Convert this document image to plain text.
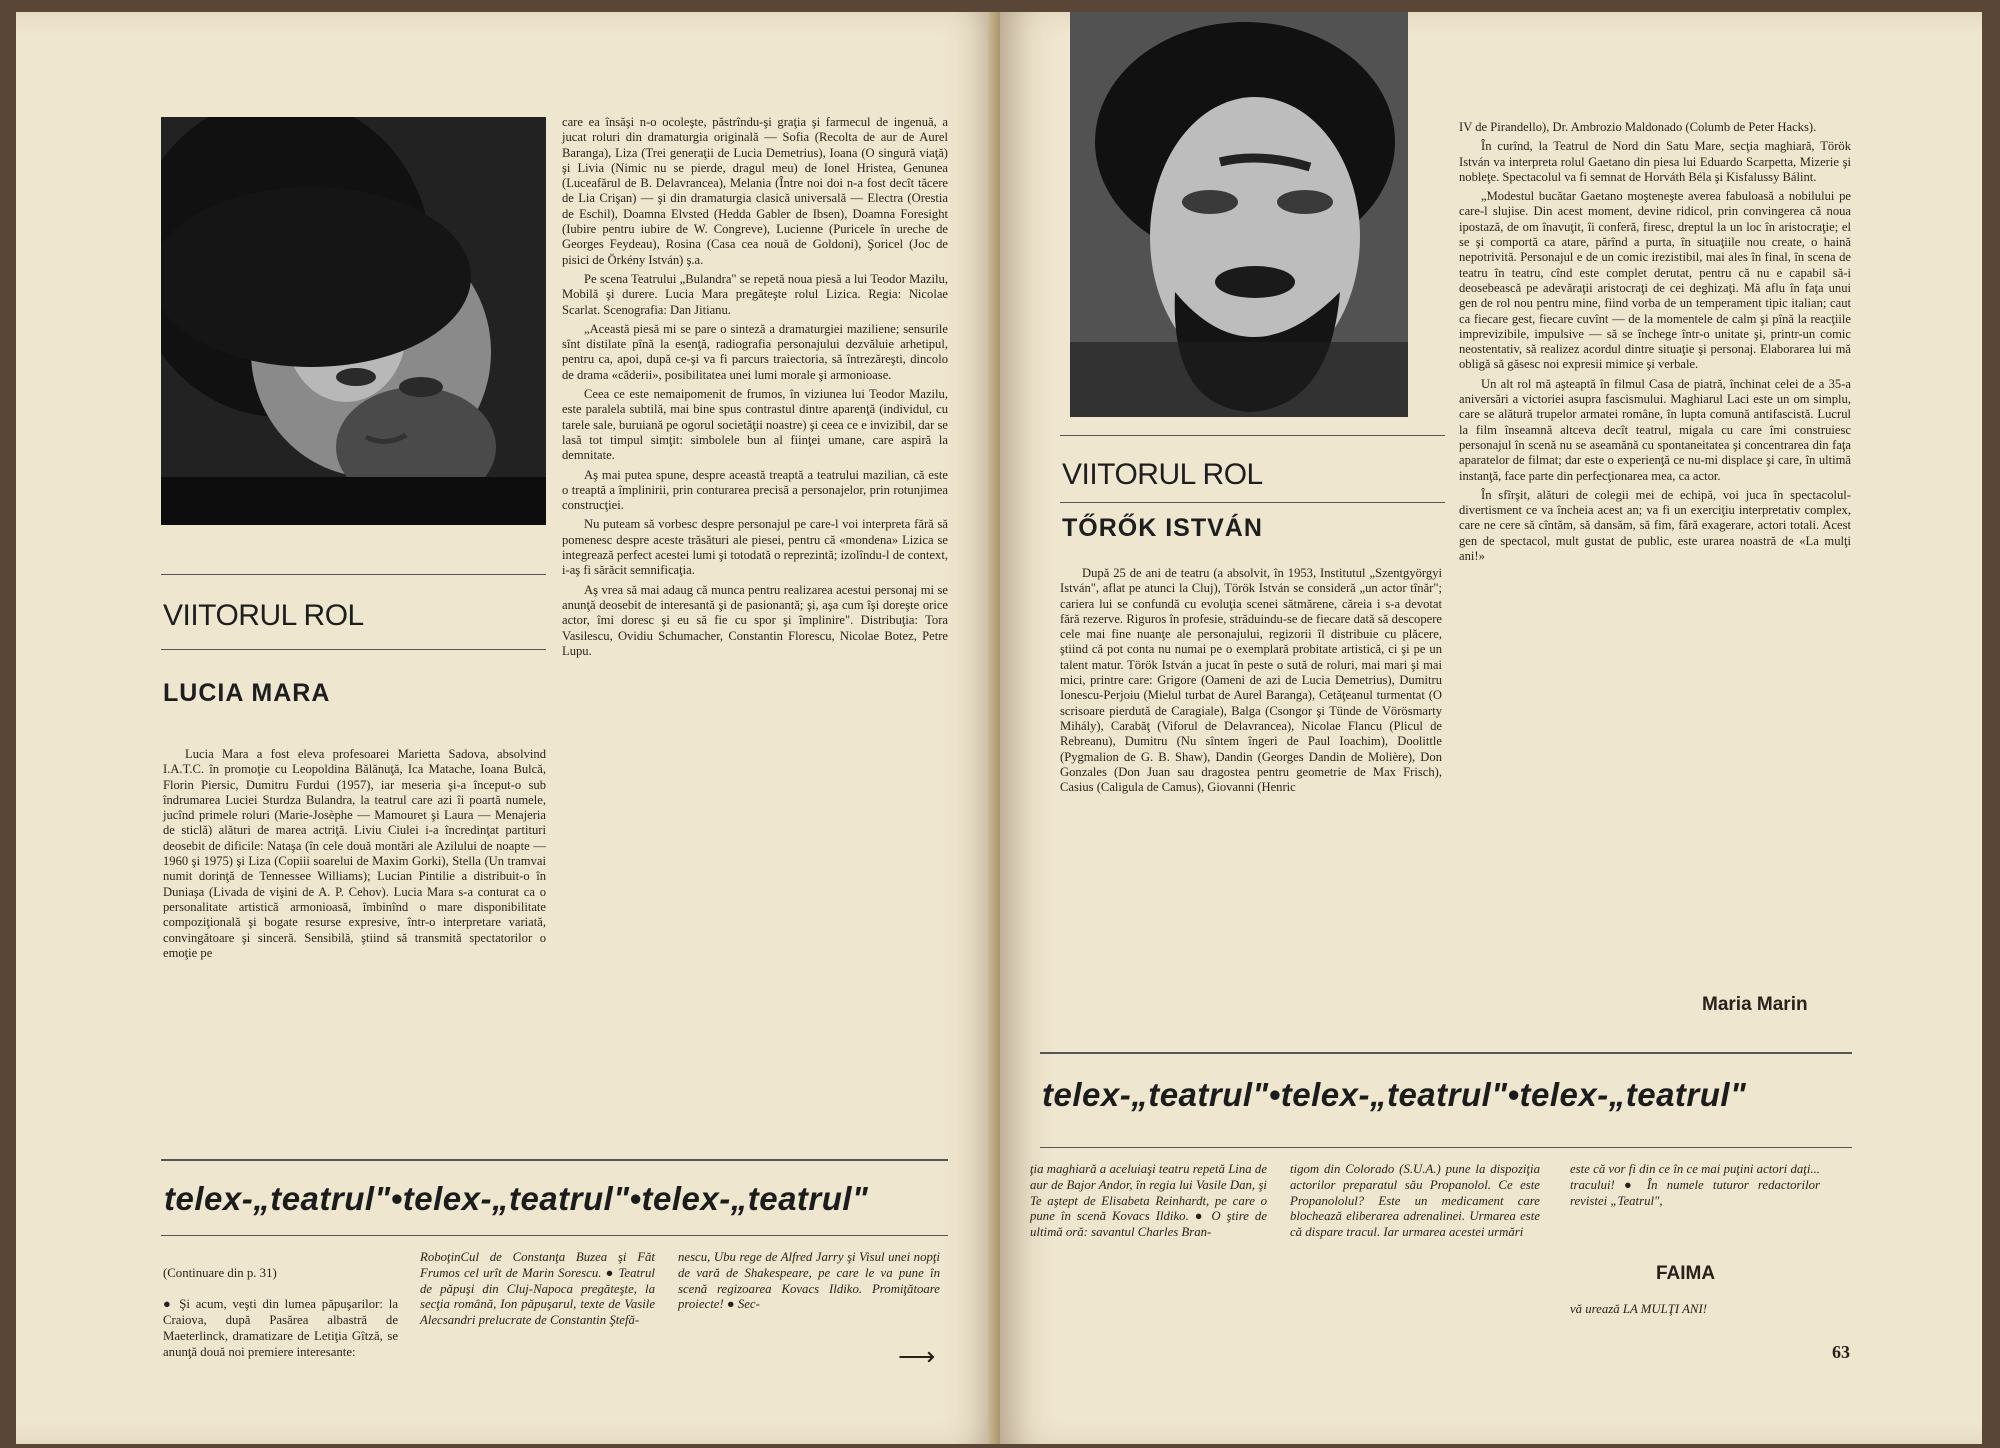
VIITORUL ROL
LUCIA MARA

Lucia Mara a fost eleva profesoarei Marietta Sadova, absolvind I.A.T.C. în promoţie cu Leopoldina Bălănuţă, Ica Matache, Ioana Bulcă, Florin Piersic, Dumitru Furdui (1957), iar meseria şi-a început-o sub îndrumarea Luciei Sturdza Bulandra, la teatrul care azi îi poartă numele, jucînd primele roluri (Marie-Josèphe — Mamouret şi Laura — Menajeria de sticlă) alături de marea actriţă. Liviu Ciulei i-a încredinţat partituri deosebit de dificile: Nataşa (în cele două montări ale Azilului de noapte — 1960 şi 1975) şi Liza (Copiii soarelui de Maxim Gorki), Stella (Un tramvai numit dorinţă de Tennessee Williams); Lucian Pintilie a distribuit-o în Duniaşa (Livada de vişini de A. P. Cehov). Lucia Mara s-a conturat ca o personalitate artistică armonioasă, îmbinînd o mare disponibilitate compoziţională şi bogate resurse expresive, într-o interpretare variată, convingătoare şi sinceră. Sensibilă, ştiind să transmită spectatorilor o emoţie pe

care ea însăşi n-o ocoleşte, păstrîndu-şi graţia şi farmecul de ingenuă, a jucat roluri din dramaturgia originală — Sofia (Recolta de aur de Aurel Baranga), Liza (Trei generaţii de Lucia Demetrius), Ioana (O singură viaţă) şi Livia (Nimic nu se pierde, dragul meu) de Ionel Hristea, Genunea (Luceafărul de B. Delavrancea), Melania (Între noi doi n-a fost decît tăcere de Lia Crişan) — şi din dramaturgia clasică universală — Electra (Orestia de Eschil), Doamna Elvsted (Hedda Gabler de Ibsen), Doamna Foresight (Iubire pentru iubire de W. Congreve), Lucienne (Puricele în ureche de Georges Feydeau), Rosina (Casa cea nouă de Goldoni), Şoricel (Joc de pisici de Örkény István) ş.a.

Pe scena Teatrului „Bulandra" se repetă noua piesă a lui Teodor Mazilu, Mobilă şi durere. Lucia Mara pregăteşte rolul Lizica. Regia: Nicolae Scarlat. Scenografia: Dan Jitianu.

„Această piesă mi se pare o sinteză a dramaturgiei maziliene; sensurile sînt distilate pînă la esenţă, radiografia personajului dezvăluie arhetipul, pentru ca, apoi, după ce-şi va fi parcurs traiectoria, să întrezăreşti, dincolo de drama «căderii», posibilitatea unei lumi morale şi armonioase.

Ceea ce este nemaipomenit de frumos, în viziunea lui Teodor Mazilu, este paralela subtilă, mai bine spus contrastul dintre aparenţă (individul, cu tarele sale, buruiană pe ogorul societăţii noastre) şi ceea ce e invizibil, dar se lasă tot timpul simţit: simbolele bun al fiinţei umane, care aspiră la demnitate.

Aş mai putea spune, despre această treaptă a teatrului mazilian, că este o treaptă a împlinirii, prin conturarea precisă a personajelor, prin rotunjimea construcţiei.

Nu puteam să vorbesc despre personajul pe care-l voi interpreta fără să pomenesc despre aceste trăsături ale piesei, pentru că «mondena» Lizica se integrează perfect acestei lumi şi totodată o reprezintă; izolîndu-l de context, i-aş fi sărăcit semnificaţia.

Aş vrea să mai adaug că munca pentru realizarea acestui personaj mi se anunţă deosebit de interesantă şi de pasionantă; şi, aşa cum îşi doreşte orice actor, îmi doresc şi eu să fie cu spor şi împlinire". Distribuţia: Tora Vasilescu, Ovidiu Schumacher, Constantin Florescu, Nicolae Botez, Petre Lupu.

telex-„teatrul"•telex-„teatrul"•telex-„teatrul"

(Continuare din p. 31)

● Şi acum, veşti din lumea păpuşarilor: la Craiova, după Pasărea albastră de Maeterlinck, dramatizare de Letiţia Gîtză, se anunţă două noi premiere interesante:

RoboţinCul de Constanţa Buzea şi Făt Frumos cel urît de Marin Sorescu. ● Teatrul de păpuşi din Cluj-Napoca pregăteşte, la secţia română, Ion păpuşarul, texte de Vasile Alecsandri prelucrate de Constantin Ştefă-

nescu, Ubu rege de Alfred Jarry şi Visul unei nopţi de vară de Shakespeare, pe care le va pune în scenă regizoarea Kovacs Ildiko. Promiţătoare proiecte! ● Sec-

⟶
VIITORUL ROL
TŐRŐK ISTVÁN

După 25 de ani de teatru (a absolvit, în 1953, Institutul „Szentgyörgyi István", aflat pe atunci la Cluj), Török István se consideră „un actor tînăr"; cariera lui se confundă cu evoluţia scenei sătmărene, căreia i s-a devotat fără rezerve. Riguros în profesie, străduindu-se de fiecare dată să descopere cele mai fine nuanţe ale personajului, regizorii îl distribuie cu plăcere, ştiind că pot conta nu numai pe o exemplară probitate artistică, ci şi pe un talent matur. Török István a jucat în peste o sută de roluri, mai mari şi mai mici, printre care: Grigore (Oameni de azi de Lucia Demetrius), Dumitru Ionescu-Perjoiu (Mielul turbat de Aurel Baranga), Cetăţeanul turmentat (O scrisoare pierdută de Caragiale), Balga (Csongor şi Tünde de Vörösmarty Mihály), Carabăţ (Viforul de Delavrancea), Nicolae Flancu (Plicul de Rebreanu), Dumitru (Nu sîntem îngeri de Paul Ioachim), Doolittle (Pygmalion de G. B. Shaw), Dandin (Georges Dandin de Molière), Don Gonzales (Don Juan sau dragostea pentru geometrie de Max Frisch), Casius (Caligula de Camus), Giovanni (Henric

IV de Pirandello), Dr. Ambrozio Maldonado (Columb de Peter Hacks).

În curînd, la Teatrul de Nord din Satu Mare, secţia maghiară, Török István va interpreta rolul Gaetano din piesa lui Eduardo Scarpetta, Mizerie şi nobleţe. Spectacolul va fi semnat de Horváth Béla şi Kisfalussy Bálint.

„Modestul bucătar Gaetano moşteneşte averea fabuloasă a nobilului pe care-l slujise. Din acest moment, devine ridicol, prin convingerea că noua ipostază, de om înavuţit, îi conferă, firesc, dreptul la un loc în aristocraţie; el se şi comportă ca atare, părînd a purta, în situaţiile nou create, o haină nepotrivită. Personajul e de un comic irezistibil, mai ales în final, în scena de teatru în teatru, cînd este complet derutat, pentru că nu e capabil să-i deosebească pe adevăraţii aristocraţi de cei deghizaţi. Mă aflu în faţa unui gen de rol nou pentru mine, fiind vorba de un temperament tipic italian; caut ca fiecare gest, fiecare cuvînt — de la momentele de calm şi pînă la reacţiile imprevizibile, impulsive — să se închege într-o unitate şi, printr-un comic neostentativ, să realizez acordul dintre situaţie şi personaj. Elaborarea lui mă obligă să găsesc noi expresii mimice şi verbale.

Un alt rol mă aşteaptă în filmul Casa de piatră, închinat celei de a 35-a aniversări a victoriei asupra fascismului. Maghiarul Laci este un om simplu, care se alătură trupelor armatei române, în lupta comună antifascistă. Lucrul la film înseamnă altceva decît teatrul, migala cu care îmi construiesc personajul în scenă nu se aseamănă cu spontaneitatea şi concentrarea din faţa aparatelor de filmat; dar este o experienţă ce nu-mi displace şi care, în ultimă instanţă, face parte din perfecţionarea mea, ca actor.

În sfîrşit, alături de colegii mei de echipă, voi juca în spectacolul-divertisment ce va încheia acest an; va fi un exerciţiu interpretativ complex, care ne cere să cîntăm, să dansăm, să fim, fără exagerare, actori totali. Acest gen de spectacol, mult gustat de public, este urarea noastră de «La mulţi ani!»

Maria Marin
telex-„teatrul"•telex-„teatrul"•telex-„teatrul"

ţia maghiară a aceluiaşi teatru repetă Lina de aur de Bajor Andor, în regia lui Vasile Dan, şi Te aştept de Elisabeta Reinhardt, pe care o pune în scenă Kovacs Ildiko. ● O ştire de ultimă oră: savantul Charles Bran-

tigom din Colorado (S.U.A.) pune la dispoziţia actorilor preparatul său Propanolol. Ce este Propanololul? Este un medicament care blochează eliberarea adrenalinei. Urmarea este că dispare tracul. Iar urmarea acestei urmări

este că vor fi din ce în ce mai puţini actori daţi... tracului! ● În numele tuturor redactorilor revistei „Teatrul",

FAIMA

vă urează LA MULŢI ANI!

63
